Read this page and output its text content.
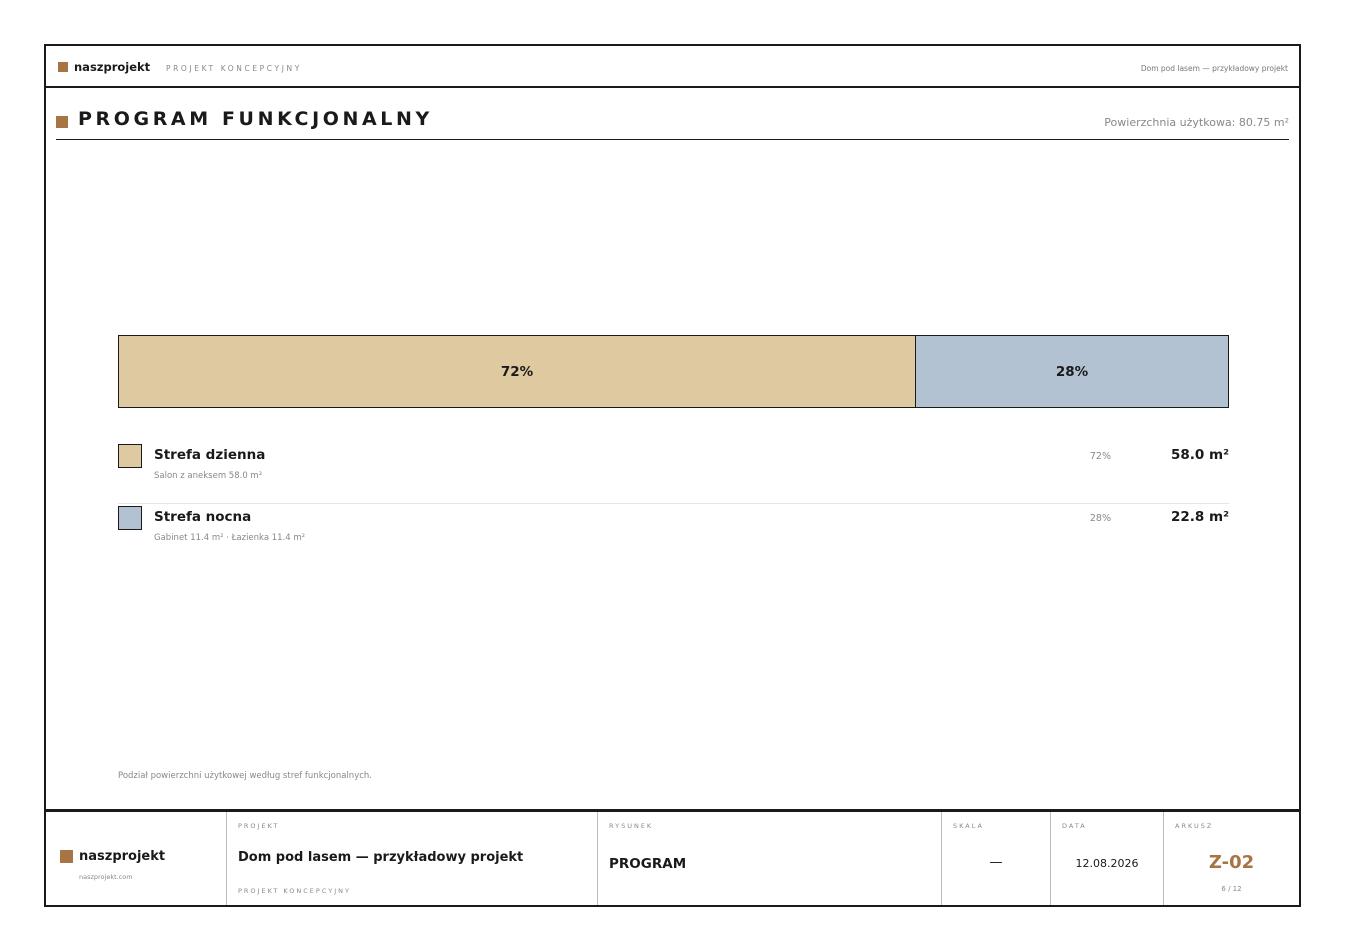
naszprojekt PROJEKT KONCEPCYJNY	Dom pod lasem — przykładowy projekt
PROGRAM FUNKCJONALNY	Powierzchnia użytkowa: 80.75 m²
72%	28%
Strefa dzienna
Salon z aneksem 58.0 m²
72%	58.0 m²
Strefa nocna
Gabinet 11.4 m² · Łazienka 11.4 m²
28%	22.8 m²
Podział powierzchni użytkowej według stref funkcjonalnych.
naszprojekt
naszprojekt.com
PROJEKT
Dom pod lasem — przykładowy projekt
PROJEKT KONCEPCYJNY
RYSUNEK
PROGRAM
SKALA
—
DATA
12.08.2026
ARKUSZ
Z-02
6 / 12
